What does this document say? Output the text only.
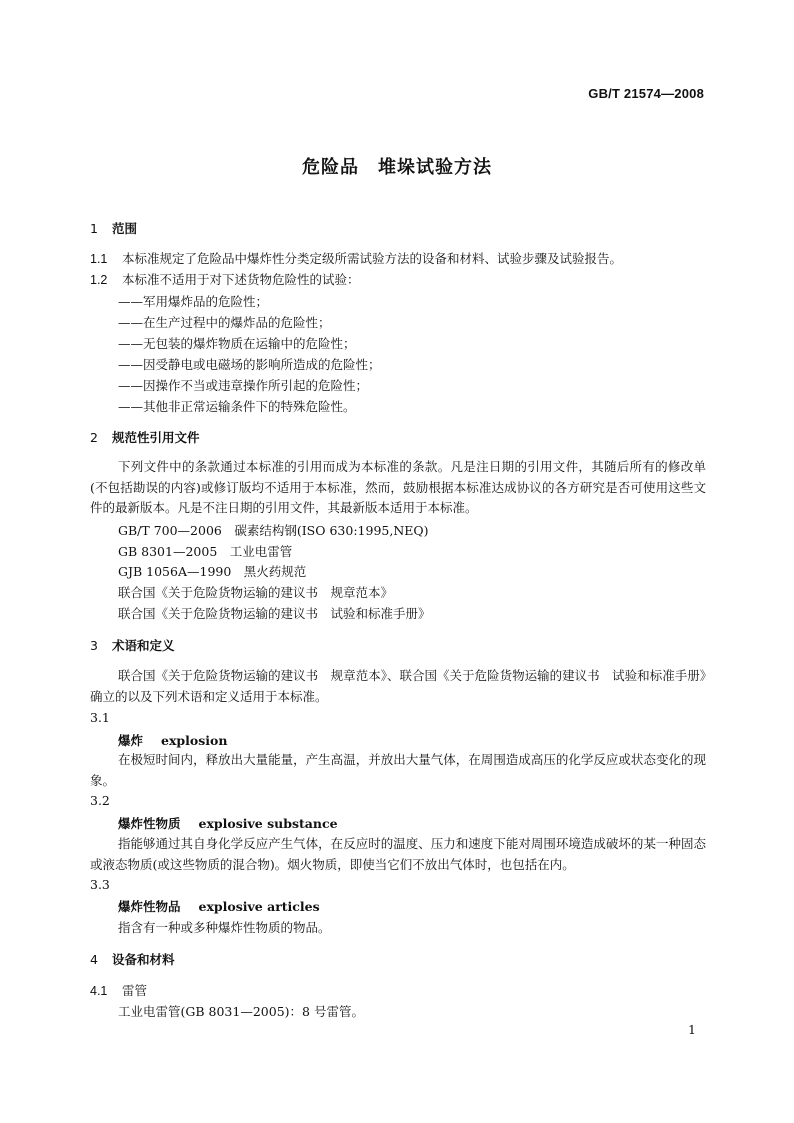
GB/T 21574—2008
危险品　堆垛试验方法
1 范围
1.1 本标准规定了危险品中爆炸性分类定级所需试验方法的设备和材料、试验步骤及试验报告。
1.2 本标准不适用于对下述货物危险性的试验：
——军用爆炸品的危险性；
——在生产过程中的爆炸品的危险性；
——无包装的爆炸物质在运输中的危险性；
——因受静电或电磁场的影响所造成的危险性；
——因操作不当或违章操作所引起的危险性；
——其他非正常运输条件下的特殊危险性。
2 规范性引用文件
下列文件中的条款通过本标准的引用而成为本标准的条款。凡是注日期的引用文件，其随后所有的修改单(不包括勘误的内容)或修订版均不适用于本标准，然而，鼓励根据本标准达成协议的各方研究是否可使用这些文件的最新版本。凡是不注日期的引用文件，其最新版本适用于本标准。
GB/T 700—2006　碳素结构钢(ISO 630:1995,NEQ)
GB 8301—2005　工业电雷管
GJB 1056A—1990　黑火药规范
联合国《关于危险货物运输的建议书　规章范本》
联合国《关于危险货物运输的建议书　试验和标准手册》
3 术语和定义
联合国《关于危险货物运输的建议书　规章范本》、联合国《关于危险货物运输的建议书　试验和标准手册》确立的以及下列术语和定义适用于本标准。
3.1
爆炸 explosion
在极短时间内，释放出大量能量，产生高温，并放出大量气体，在周围造成高压的化学反应或状态变化的现象。
3.2
爆炸性物质 explosive substance
指能够通过其自身化学反应产生气体，在反应时的温度、压力和速度下能对周围环境造成破坏的某一种固态或液态物质(或这些物质的混合物)。烟火物质，即使当它们不放出气体时，也包括在内。
3.3
爆炸性物品 explosive articles
指含有一种或多种爆炸性物质的物品。
4 设备和材料
4.1 雷管
工业电雷管(GB 8031—2005)：8 号雷管。
1
